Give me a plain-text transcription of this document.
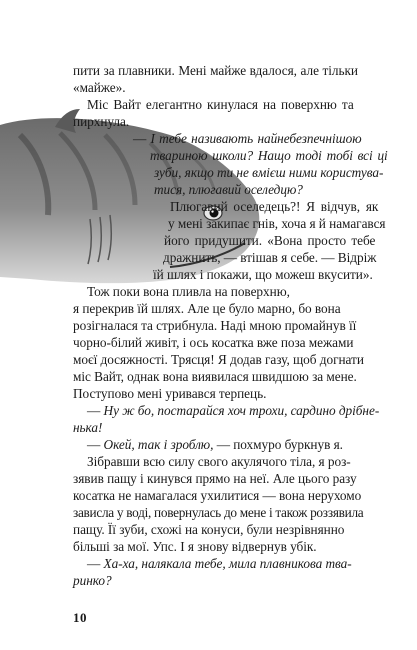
пити за плавники. Мені майже вдалося, але тільки
«майже».
Міс Вайт елегантно кинулася на поверхню та
пирхнула.
— І тебе називають найнебезпечнішою
твариною школи? Нащо тоді тобі всі ці
зуби, якщо ти не вмієш ними користува-
тися, плюгавий оселедцю?
Плюгавий оселедець?! Я відчув, як
у мені закипає гнів, хоча я й намагався
його придушити. «Вона просто тебе
дражнить, — втішав я себе. — Відріж
їй шлях і покажи, що можеш вкусити».
Тож поки вона пливла на поверхню,
я перекрив їй шлях. Але це було марно, бо вона
розігналася та стрибнула. Наді мною промайнув її
чорно-білий живіт, і ось косатка вже поза межами
моєї досяжності. Трясця! Я додав газу, щоб догнати
міс Вайт, однак вона виявилася швидшою за мене.
Поступово мені уривався терпець.
— Ну ж бо, постарайся хоч трохи, сардино дрібне-
нька!
— Окей, так і зроблю, — похмуро буркнув я.
Зібравши всю силу свого акулячого тіла, я роз-
зявив пащу і кинувся прямо на неї. Але цього разу
косатка не намагалася ухилитися — вона нерухомо
зависла у воді, повернулась до мене і також роззявила
пащу. Її зуби, схожі на конуси, були незрівнянно
більші за мої. Упс. І я знову відвернув убік.
— Ха-ха, налякала тебе, мила плавникова тва-
ринко?
10
